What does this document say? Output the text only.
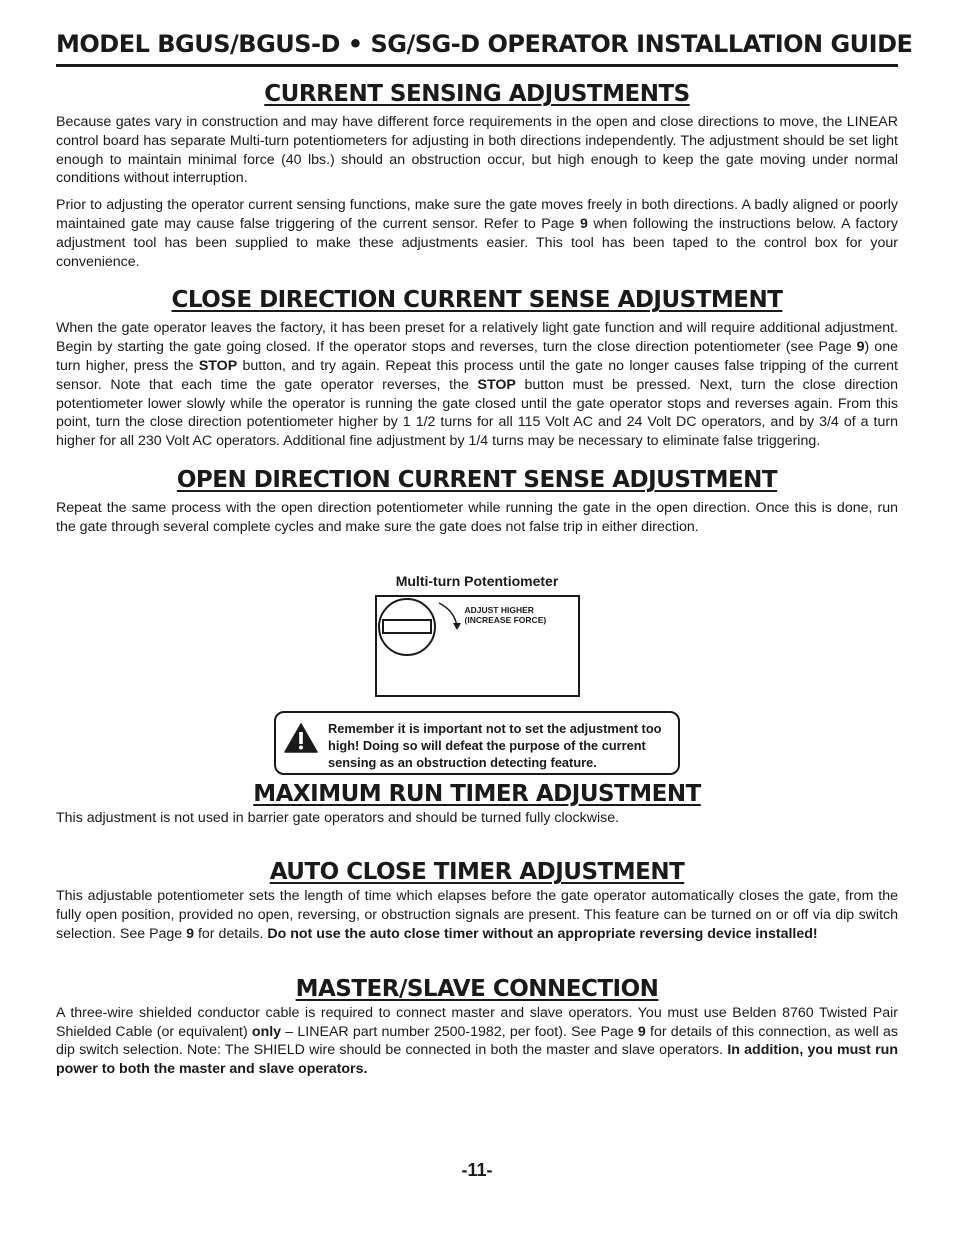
MODEL BGUS/BGUS-D • SG/SG-D OPERATOR INSTALLATION GUIDE
CURRENT SENSING ADJUSTMENTS

Because gates vary in construction and may have different force requirements in the open and close directions to move, the LINEAR control board has separate Multi-turn potentiometers for adjusting in both directions independently. The adjustment should be set light enough to maintain minimal force (40 lbs.) should an obstruction occur, but high enough to keep the gate moving under normal conditions without interruption.

Prior to adjusting the operator current sensing functions, make sure the gate moves freely in both directions. A badly aligned or poorly maintained gate may cause false triggering of the current sensor. Refer to Page 9 when following the instructions below. A factory adjustment tool has been supplied to make these adjustments easier. This tool has been taped to the control box for your convenience.

CLOSE DIRECTION CURRENT SENSE ADJUSTMENT

When the gate operator leaves the factory, it has been preset for a relatively light gate function and will require additional adjustment. Begin by starting the gate going closed. If the operator stops and reverses, turn the close direction potentiometer (see Page 9) one turn higher, press the STOP button, and try again. Repeat this process until the gate no longer causes false tripping of the current sensor. Note that each time the gate operator reverses, the STOP button must be pressed. Next, turn the close direction potentiometer lower slowly while the operator is running the gate closed until the gate operator stops and reverses again. From this point, turn the close direction potentiometer higher by 1 1/2 turns for all 115 Volt AC and 24 Volt DC operators, and by 3/4 of a turn higher for all 230 Volt AC operators. Additional fine adjustment by 1/4 turns may be necessary to eliminate false triggering.

OPEN DIRECTION CURRENT SENSE ADJUSTMENT

Repeat the same process with the open direction potentiometer while running the gate in the open direction. Once this is done, run the gate through several complete cycles and make sure the gate does not false trip in either direction.

Multi-turn Potentiometer
ADJUST HIGHER
(INCREASE FORCE)
Remember it is important not to set the adjustment too high! Doing so will defeat the purpose of the current sensing as an obstruction detecting feature.
MAXIMUM RUN TIMER ADJUSTMENT

This adjustment is not used in barrier gate operators and should be turned fully clockwise.

AUTO CLOSE TIMER ADJUSTMENT

This adjustable potentiometer sets the length of time which elapses before the gate operator automatically closes the gate, from the fully open position, provided no open, reversing, or obstruction signals are present. This feature can be turned on or off via dip switch selection. See Page 9 for details. Do not use the auto close timer without an appropriate reversing device installed!

MASTER/SLAVE CONNECTION

A three-wire shielded conductor cable is required to connect master and slave operators. You must use Belden 8760 Twisted Pair Shielded Cable (or equivalent) only – LINEAR part number 2500-1982, per foot). See Page 9 for details of this connection, as well as dip switch selection. Note: The SHIELD wire should be connected in both the master and slave operators. In addition, you must run power to both the master and slave operators.

-11-
